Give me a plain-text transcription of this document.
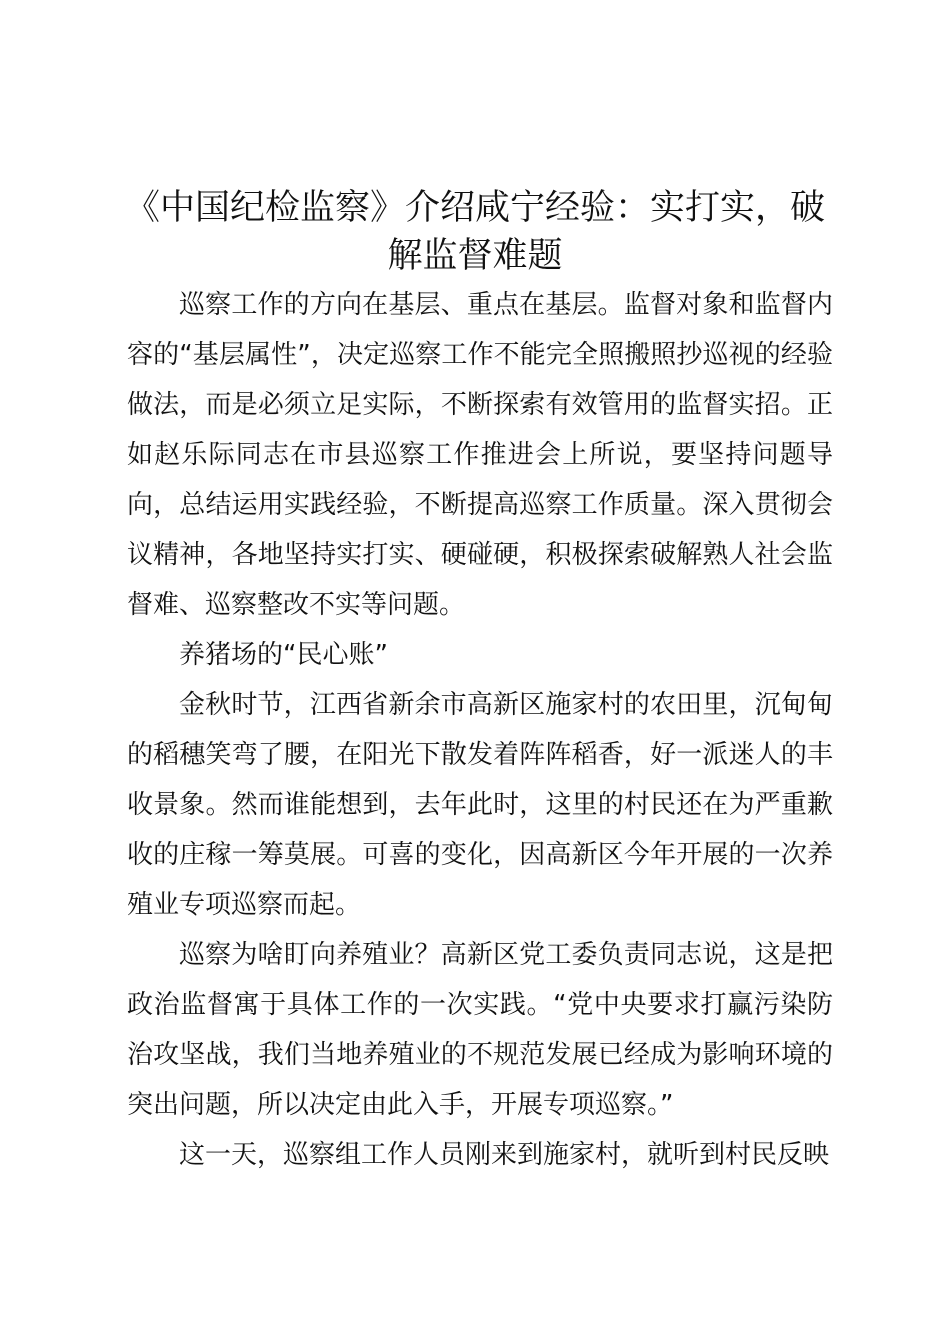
《中国纪检监察》介绍咸宁经验：实打实，破解监督难题

巡察工作的方向在基层、重点在基层。监督对象和监督内容的“基层属性”，决定巡察工作不能完全照搬照抄巡视的经验做法，而是必须立足实际，不断探索有效管用的监督实招。正如赵乐际同志在市县巡察工作推进会上所说，要坚持问题导向，总结运用实践经验，不断提高巡察工作质量。深入贯彻会议精神，各地坚持实打实、硬碰硬，积极探索破解熟人社会监督难、巡察整改不实等问题。

养猪场的“民心账”

金秋时节，江西省新余市高新区施家村的农田里，沉甸甸的稻穗笑弯了腰，在阳光下散发着阵阵稻香，好一派迷人的丰收景象。然而谁能想到，去年此时，这里的村民还在为严重歉收的庄稼一筹莫展。可喜的变化，因高新区今年开展的一次养殖业专项巡察而起。

巡察为啥盯向养殖业？高新区党工委负责同志说，这是把政治监督寓于具体工作的一次实践。“党中央要求打赢污染防治攻坚战，我们当地养殖业的不规范发展已经成为影响环境的突出问题，所以决定由此入手，开展专项巡察。”

这一天，巡察组工作人员刚来到施家村，就听到村民反映
